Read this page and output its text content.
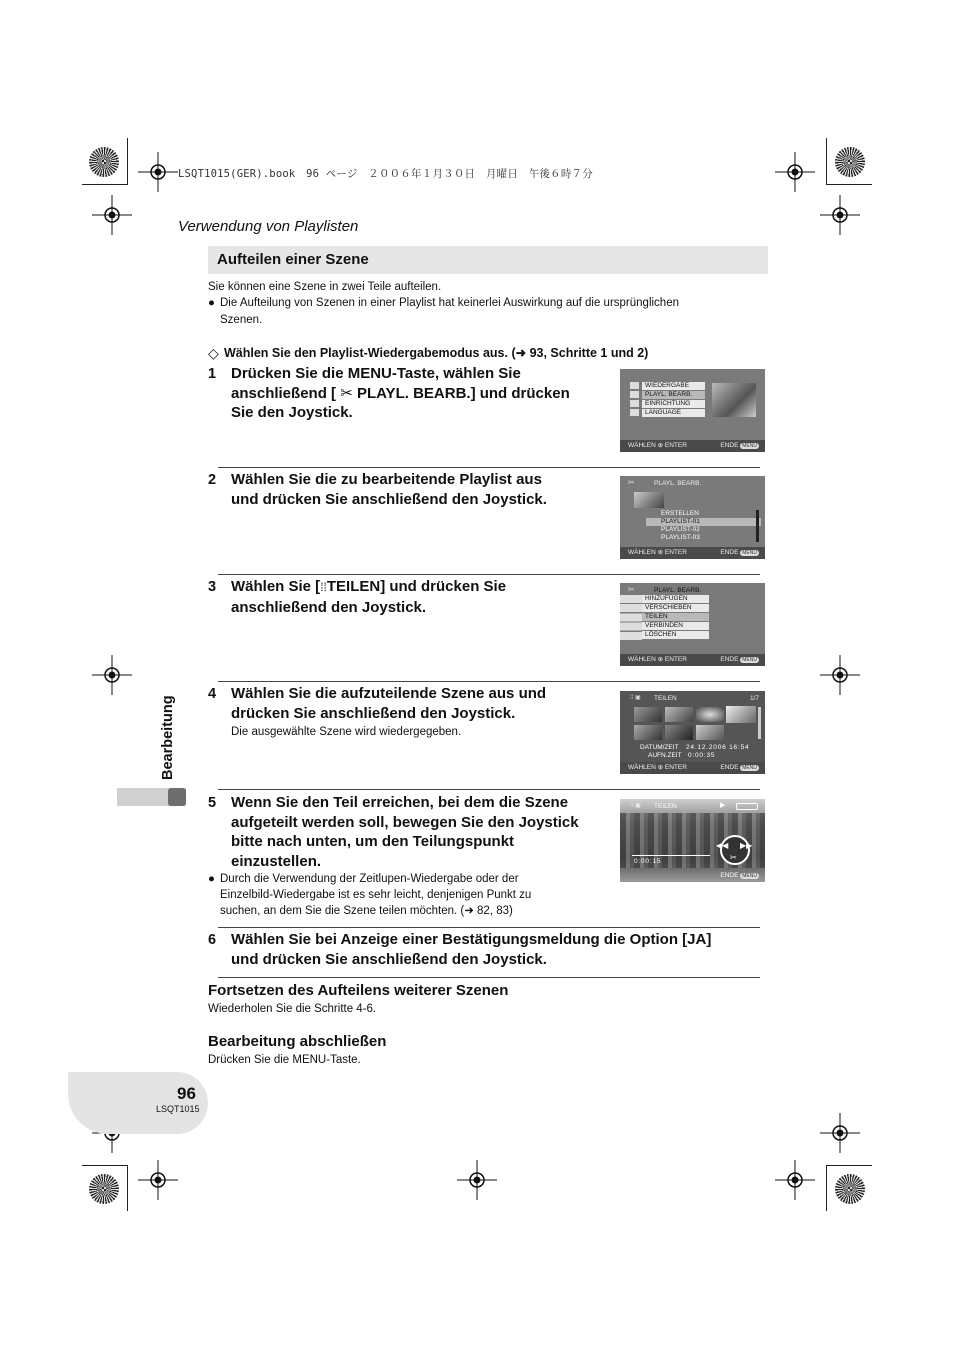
LSQT1015(GER).book　96 ページ　２００６年１月３０日　月曜日　午後６時７分
Verwendung von Playlisten
Aufteilen einer Szene
Sie können eine Szene in zwei Teile aufteilen.
● Die Aufteilung von Szenen in einer Playlist hat keinerlei Auswirkung auf die ursprünglichen
Szenen.
◇ Wählen Sie den Playlist-Wiedergabemodus aus. (➜ 93, Schritte 1 und 2)
1 Drücken Sie die MENU-Taste, wählen Sie
anschließend [ ✂ PLAYL. BEARB.] und drücken
Sie den Joystick.
WIEDERGABE
PLAYL. BEARB.
EINRICHTUNG
LANGUAGE
WÄHLEN ⊕ ENTER	ENDE MENU
2 Wählen Sie die zu bearbeitende Playlist aus
und drücken Sie anschließend den Joystick.
✂	PLAYL. BEARB.
ERSTELLEN
PLAYLIST-01
PLAYLIST-02
PLAYLIST-03
WÄHLEN ⊕ ENTER	ENDE MENU
3 Wählen Sie [⁞⁞TEILEN] und drücken Sie
anschließend den Joystick.
✂	PLAYL. BEARB.
HINZUFÜGEN
VERSCHIEBEN
TEILEN
VERBINDEN
LÖSCHEN
WÄHLEN ⊕ ENTER	ENDE MENU
4 Wählen Sie die aufzuteilende Szene aus und
drücken Sie anschließend den Joystick.
Die ausgewählte Szene wird wiedergegeben.
⁞⁞ ▣ TEILEN	1/7
DATUM/ZEIT 24.12.2006 16:54
AUFN.ZEIT 0:00:35
WÄHLEN ⊕ ENTER	ENDE MENU
5 Wenn Sie den Teil erreichen, bei dem die Szene
aufgeteilt werden soll, bewegen Sie den Joystick
bitte nach unten, um den Teilungspunkt
einzustellen.
● Durch die Verwendung der Zeitlupen-Wiedergabe oder der
Einzelbild-Wiedergabe ist es sehr leicht, denjenigen Punkt zu
suchen, an dem Sie die Szene teilen möchten. (➜ 82, 83)
⁞⁞ ▣ TEILEN	▶
◀◀ ▶▶
✂
0:00:15
ENDE MENU
6 Wählen Sie bei Anzeige einer Bestätigungsmeldung die Option [JA]
und drücken Sie anschließend den Joystick.
Fortsetzen des Aufteilens weiterer Szenen
Wiederholen Sie die Schritte 4-6.
Bearbeitung abschließen
Drücken Sie die MENU-Taste.
Bearbeitung
96
LSQT1015
